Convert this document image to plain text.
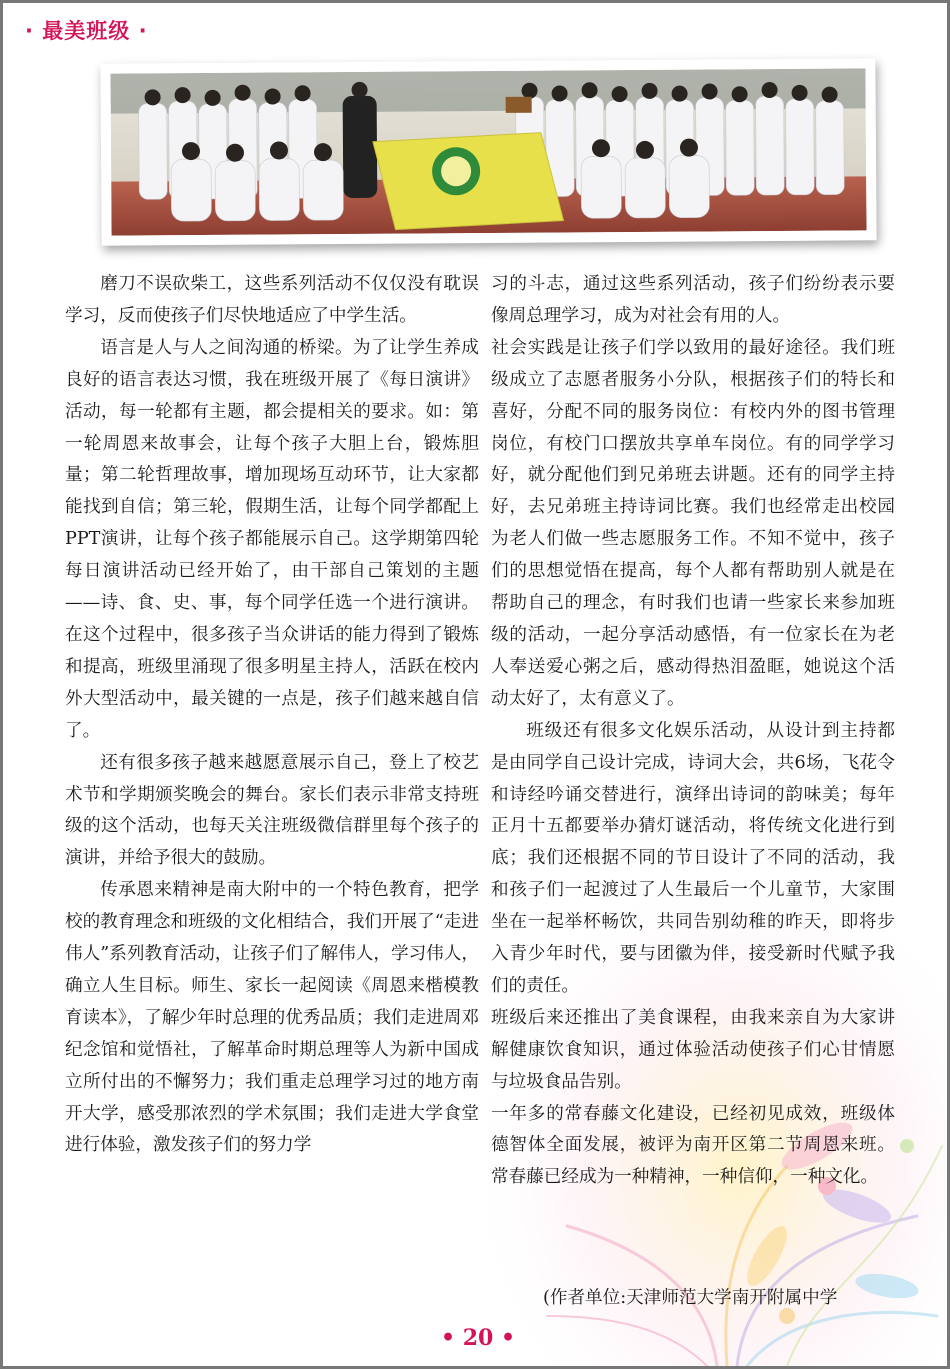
· 最美班级 ·

磨刀不误砍柴工，这些系列活动不仅仅没有耽误学习，反而使孩子们尽快地适应了中学生活。

语言是人与人之间沟通的桥梁。为了让学生养成良好的语言表达习惯，我在班级开展了《每日演讲》活动，每一轮都有主题，都会提相关的要求。如：第一轮周恩来故事会，让每个孩子大胆上台，锻炼胆量；第二轮哲理故事，增加现场互动环节，让大家都能找到自信；第三轮，假期生活，让每个同学都配上PPT演讲，让每个孩子都能展示自己。这学期第四轮每日演讲活动已经开始了，由干部自己策划的主题——诗、食、史、事，每个同学任选一个进行演讲。在这个过程中，很多孩子当众讲话的能力得到了锻炼和提高，班级里涌现了很多明星主持人，活跃在校内外大型活动中，最关键的一点是，孩子们越来越自信了。

还有很多孩子越来越愿意展示自己，登上了校艺术节和学期颁奖晚会的舞台。家长们表示非常支持班级的这个活动，也每天关注班级微信群里每个孩子的演讲，并给予很大的鼓励。

传承恩来精神是南大附中的一个特色教育，把学校的教育理念和班级的文化相结合，我们开展了“走进伟人”系列教育活动，让孩子们了解伟人，学习伟人，确立人生目标。师生、家长一起阅读《周恩来楷模教育读本》，了解少年时总理的优秀品质；我们走进周邓纪念馆和觉悟社，了解革命时期总理等人为新中国成立所付出的不懈努力；我们重走总理学习过的地方南开大学，感受那浓烈的学术氛围；我们走进大学食堂进行体验，激发孩子们的努力学

习的斗志，通过这些系列活动，孩子们纷纷表示要像周总理学习，成为对社会有用的人。

社会实践是让孩子们学以致用的最好途径。我们班级成立了志愿者服务小分队，根据孩子们的特长和喜好，分配不同的服务岗位：有校内外的图书管理岗位，有校门口摆放共享单车岗位。有的同学学习好，就分配他们到兄弟班去讲题。还有的同学主持好，去兄弟班主持诗词比赛。我们也经常走出校园为老人们做一些志愿服务工作。不知不觉中，孩子们的思想觉悟在提高，每个人都有帮助别人就是在帮助自己的理念，有时我们也请一些家长来参加班级的活动，一起分享活动感悟，有一位家长在为老人奉送爱心粥之后，感动得热泪盈眶，她说这个活动太好了，太有意义了。

班级还有很多文化娱乐活动，从设计到主持都是由同学自己设计完成，诗词大会，共6场，飞花令和诗经吟诵交替进行，演绎出诗词的韵味美；每年正月十五都要举办猜灯谜活动，将传统文化进行到底；我们还根据不同的节日设计了不同的活动，我和孩子们一起渡过了人生最后一个儿童节，大家围坐在一起举杯畅饮，共同告别幼稚的昨天，即将步入青少年时代，要与团徽为伴，接受新时代赋予我们的责任。

班级后来还推出了美食课程，由我来亲自为大家讲解健康饮食知识，通过体验活动使孩子们心甘情愿与垃圾食品告别。

一年多的常春藤文化建设，已经初见成效，班级体德智体全面发展，被评为南开区第二节周恩来班。常春藤已经成为一种精神，一种信仰，一种文化。

(作者单位:天津师范大学南开附属中学
• 20 •
